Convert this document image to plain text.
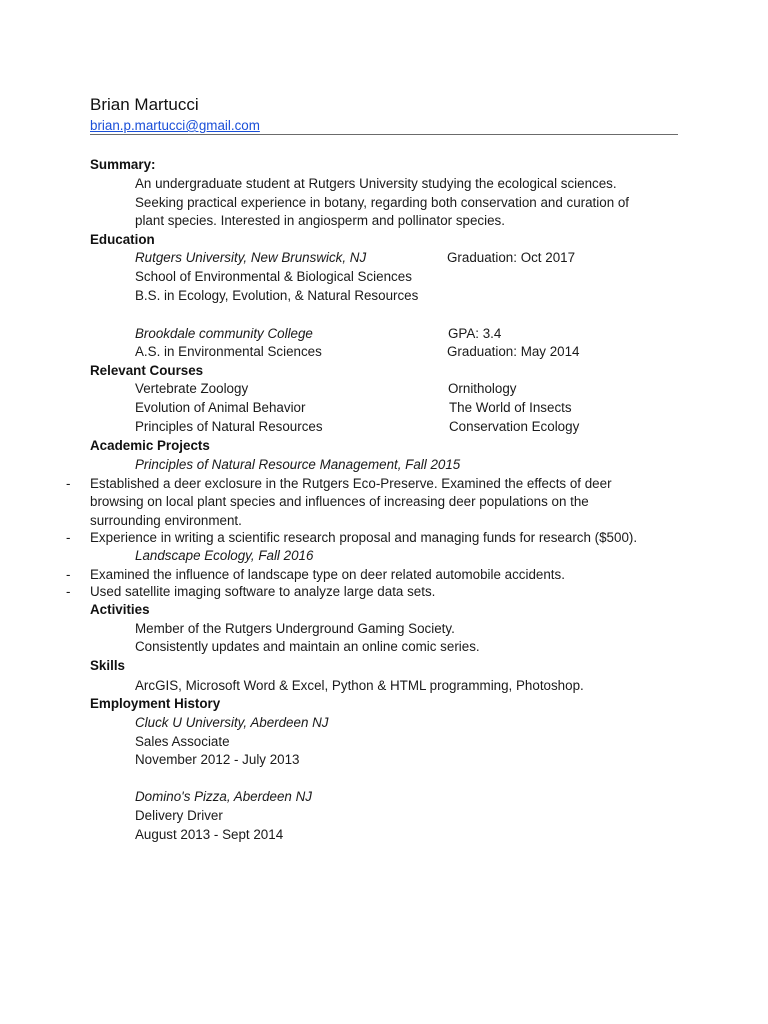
Brian Martucci
brian.p.martucci@gmail.com
Summary:
An undergraduate student at Rutgers University studying the ecological sciences.
Seeking practical experience in botany, regarding both conservation and curation of
plant species. Interested in angiosperm and pollinator species.
Education
Rutgers University, New Brunswick, NJ	Graduation: Oct 2017
School of Environmental & Biological Sciences
B.S. in Ecology, Evolution, & Natural Resources
Brookdale community College	GPA: 3.4
A.S. in Environmental Sciences	Graduation: May 2014
Relevant Courses
Vertebrate Zoology	Ornithology
Evolution of Animal Behavior	The World of Insects
Principles of Natural Resources	Conservation Ecology
Academic Projects
Principles of Natural Resource Management, Fall 2015
- Established a deer exclosure in the Rutgers Eco-Preserve. Examined the effects of deer
browsing on local plant species and influences of increasing deer populations on the
surrounding environment.
- Experience in writing a scientific research proposal and managing funds for research ($500).
Landscape Ecology, Fall 2016
- Examined the influence of landscape type on deer related automobile accidents.
- Used satellite imaging software to analyze large data sets.
Activities
Member of the Rutgers Underground Gaming Society.
Consistently updates and maintain an online comic series.
Skills
ArcGIS, Microsoft Word & Excel, Python & HTML programming, Photoshop.
Employment History
Cluck U University, Aberdeen NJ
Sales Associate
November 2012 - July 2013
Domino's Pizza, Aberdeen NJ
Delivery Driver
August 2013 - Sept 2014
